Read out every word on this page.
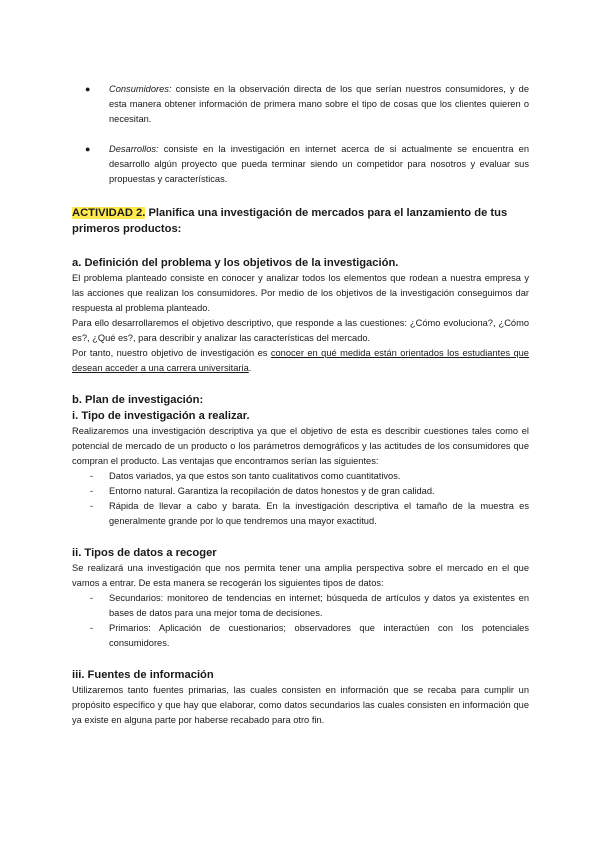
● Consumidores: consiste en la observación directa de los que serían nuestros consumidores, y de esta manera obtener información de primera mano sobre el tipo de cosas que los clientes quieren o necesitan.
● Desarrollos: consiste en la investigación en internet acerca de si actualmente se encuentra en desarrollo algún proyecto que pueda terminar siendo un competidor para nosotros y evaluar sus propuestas y características.

ACTIVIDAD 2. Planifica una investigación de mercados para el lanzamiento de tus primeros productos:

a. Definición del problema y los objetivos de la investigación.

El problema planteado consiste en conocer y analizar todos los elementos que rodean a nuestra empresa y las acciones que realizan los consumidores. Por medio de los objetivos de la investigación conseguimos dar respuesta al problema planteado.

Para ello desarrollaremos el objetivo descriptivo, que responde a las cuestiones: ¿Cómo evoluciona?, ¿Cómo es?, ¿Qué es?, para describir y analizar las características del mercado.

Por tanto, nuestro objetivo de investigación es conocer en qué medida están orientados los estudiantes que desean acceder a una carrera universitaria.

b. Plan de investigación:

i. Tipo de investigación a realizar.

Realizaremos una investigación descriptiva ya que el objetivo de esta es describir cuestiones tales como el potencial de mercado de un producto o los parámetros demográficos y las actitudes de los consumidores que compran el producto. Las ventajas que encontramos serían las siguientes:

- Datos variados, ya que estos son tanto cualitativos como cuantitativos.
- Entorno natural. Garantiza la recopilación de datos honestos y de gran calidad.
- Rápida de llevar a cabo y barata. En la investigación descriptiva el tamaño de la muestra es generalmente grande por lo que tendremos una mayor exactitud.

ii. Tipos de datos a recoger

Se realizará una investigación que nos permita tener una amplia perspectiva sobre el mercado en el que vamos a entrar. De esta manera se recogerán los siguientes tipos de datos:

- Secundarios: monitoreo de tendencias en internet; búsqueda de artículos y datos ya existentes en bases de datos para una mejor toma de decisiones.
- Primarios: Aplicación de cuestionarios; observadores que interactúen con los potenciales consumidores.

iii. Fuentes de información

Utilizaremos tanto fuentes primarias, las cuales consisten en información que se recaba para cumplir un propósito específico y que hay que elaborar, como datos secundarios las cuales consisten en información que ya existe en alguna parte por haberse recabado para otro fin.
